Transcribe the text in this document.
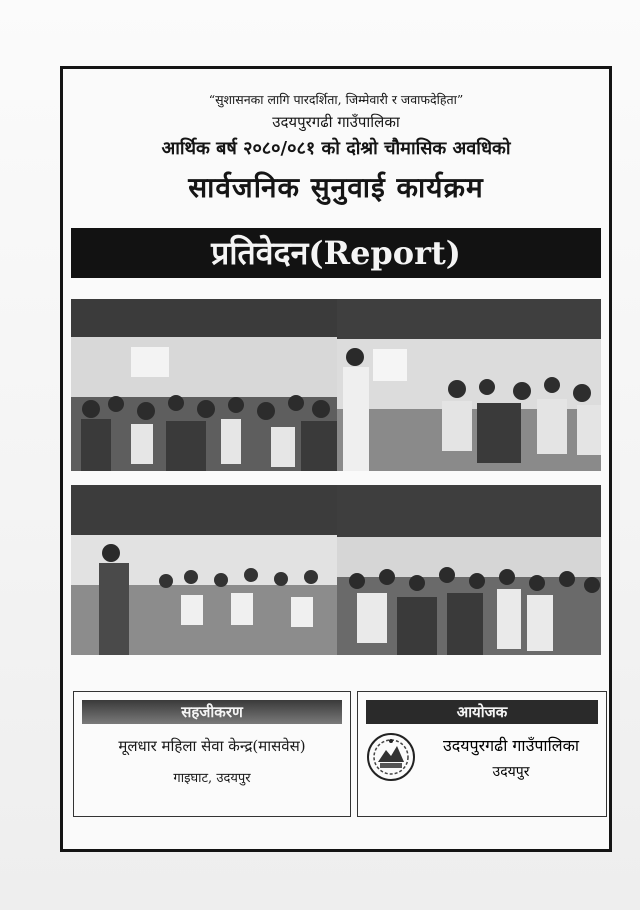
“सुशासनका लागि पारदर्शिता, जिम्मेवारी र जवाफदेहिता”
उदयपुरगढी गाउँपालिका
आर्थिक बर्ष २०८०/०८१ को दोश्रो चौमासिक अवधिको
सार्वजनिक सुनुवाई कार्यक्रम
प्रतिवेदन(Report)
सहजीकरण
मूलधार महिला सेवा केन्द्र(मासवेस)
गाइघाट, उदयपुर
आयोजक
उदयपुरगढी गाउँपालिका
उदयपुर
